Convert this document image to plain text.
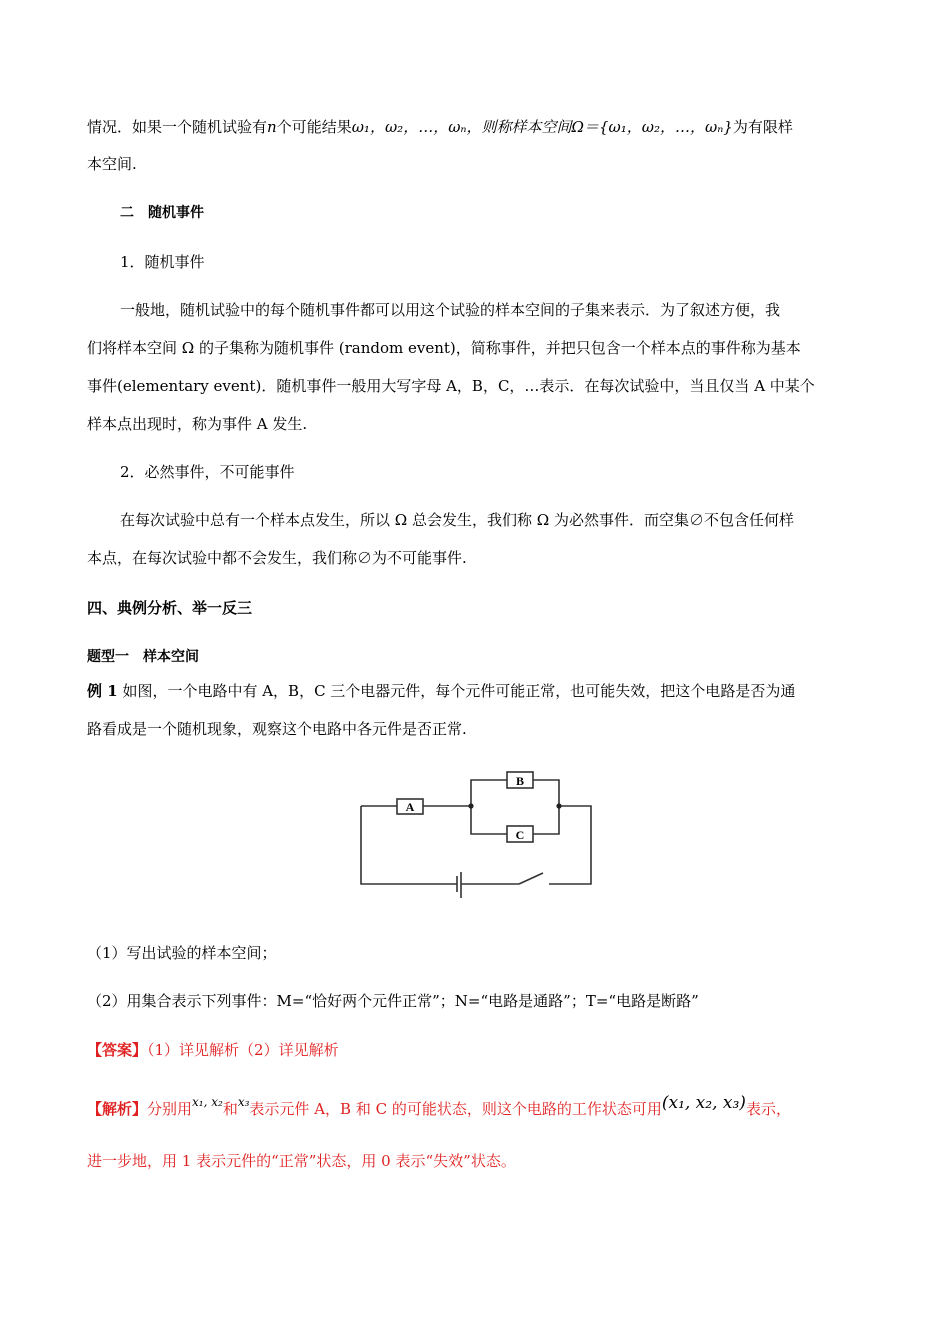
情况．如果一个随机试验有n个可能结果ω₁，ω₂，…，ωₙ，则称样本空间Ω＝{ω₁，ω₂，…，ωₙ}为有限样
本空间.
二　随机事件
1．随机事件
一般地，随机试验中的每个随机事件都可以用这个试验的样本空间的子集来表示．为了叙述方便，我
们将样本空间 Ω 的子集称为随机事件 (random event)，简称事件，并把只包含一个样本点的事件称为基本
事件(elementary event)．随机事件一般用大写字母 A，B，C，…表示．在每次试验中，当且仅当 A 中某个
样本点出现时，称为事件 A 发生.
2．必然事件，不可能事件
在每次试验中总有一个样本点发生，所以 Ω 总会发生，我们称 Ω 为必然事件．而空集∅不包含任何样
本点，在每次试验中都不会发生，我们称∅为不可能事件.
四、典例分析、举一反三
题型一　样本空间
例 1 如图，一个电路中有 A，B，C 三个电器元件，每个元件可能正常，也可能失效，把这个电路是否为通
路看成是一个随机现象，观察这个电路中各元件是否正常.
A
B
C
（1）写出试验的样本空间；
（2）用集合表示下列事件：M=“恰好两个元件正常”；N=“电路是通路”；T=“电路是断路”
【答案】（1）详见解析（2）详见解析
【解析】分别用$^{x_1, x_2}$和$^{x_3}$表示元件 A，B 和 C 的可能状态，则这个电路的工作状态可用(x₁, x₂, x₃)表示，
进一步地，用 1 表示元件的“正常”状态，用 0 表示“失效”状态。
